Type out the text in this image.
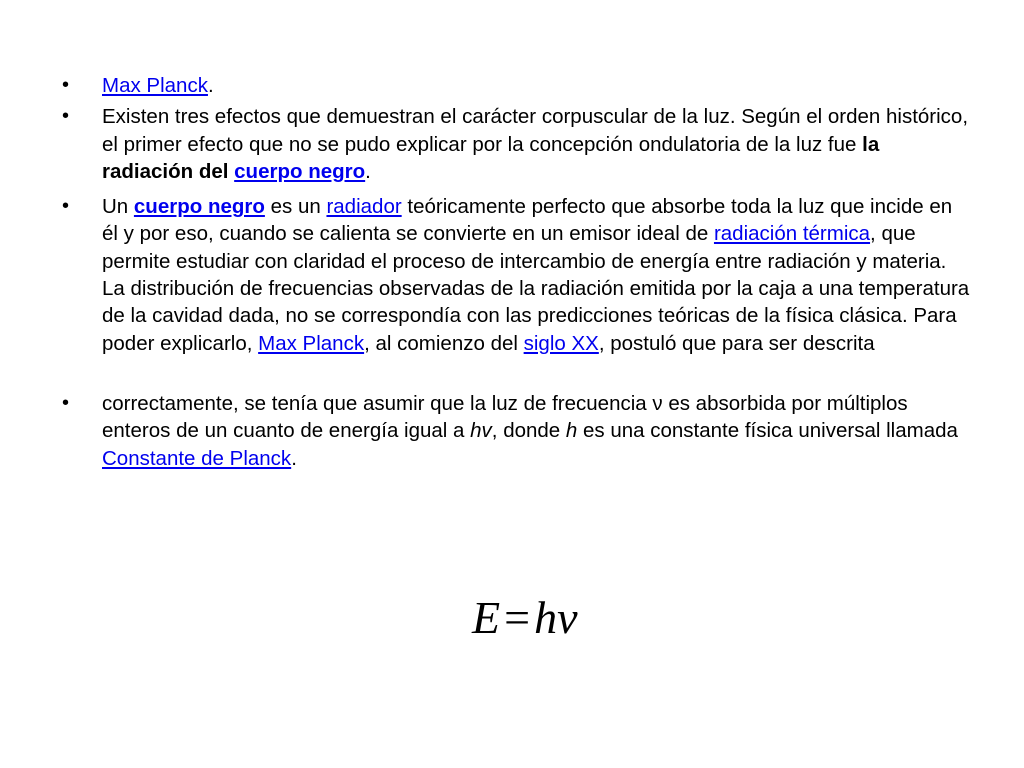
• Max Planck.

• Existen tres efectos que demuestran el carácter corpuscular de la luz. Según el orden histórico, el primer efecto que no se pudo explicar por la concepción ondulatoria de la luz fue la radiación del cuerpo negro.

• Un cuerpo negro es un radiador teóricamente perfecto que absorbe toda la luz que incide en él y por eso, cuando se calienta se convierte en un emisor ideal de radiación térmica, que permite estudiar con claridad el proceso de intercambio de energía entre radiación y materia. La distribución de frecuencias observadas de la radiación emitida por la caja a una temperatura de la cavidad dada, no se correspondía con las predicciones teóricas de la física clásica. Para poder explicarlo, Max Planck, al comienzo del siglo XX, postuló que para ser descrita

• correctamente, se tenía que asumir que la luz de frecuencia ν es absorbida por múltiplos enteros de un cuanto de energía igual a hv, donde h es una constante física universal llamada Constante de Planck.

E=hν
